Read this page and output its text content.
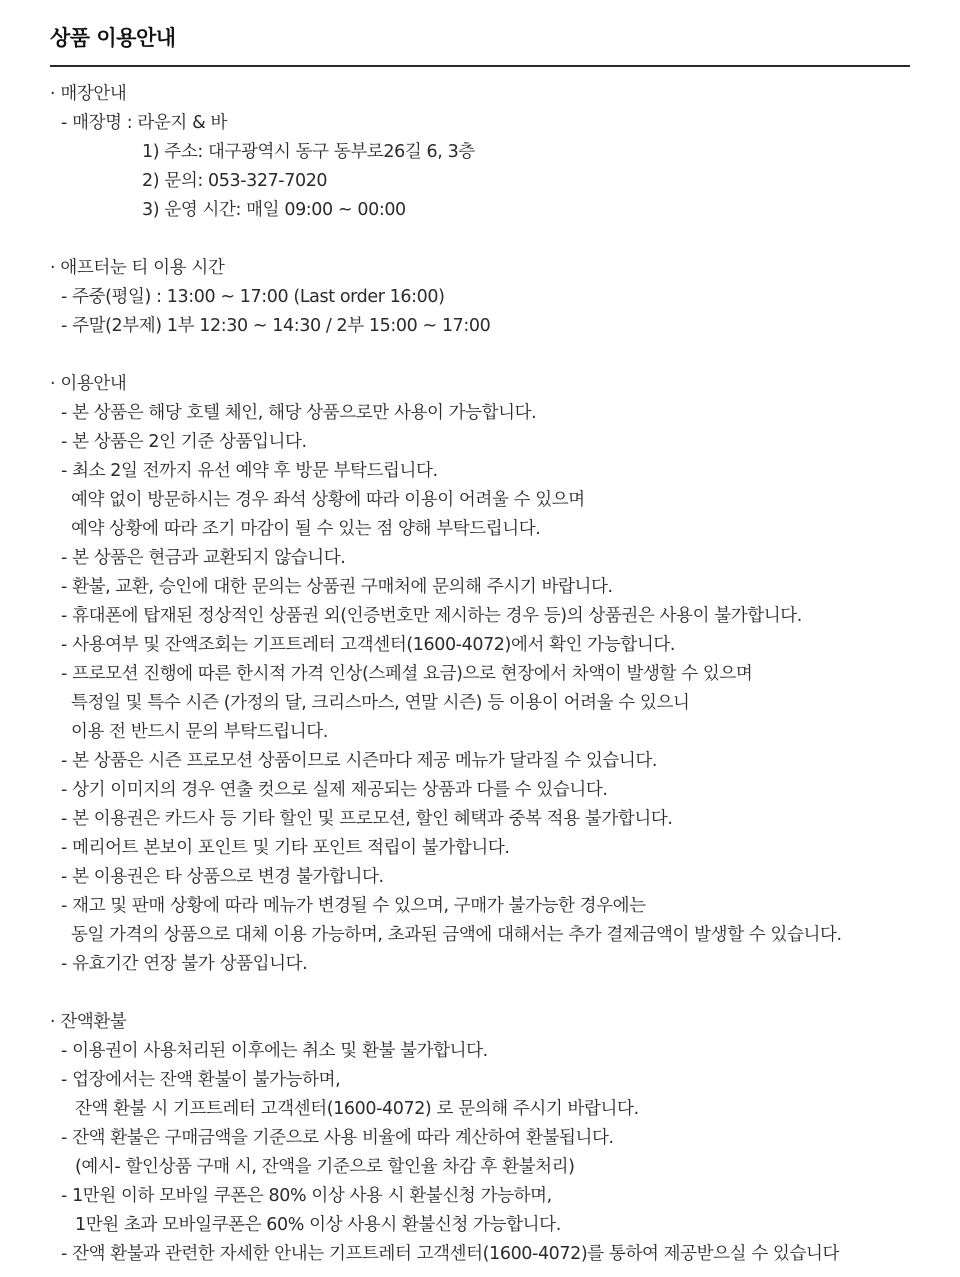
상품 이용안내
· 매장안내
- 매장명 : 라운지 & 바
1) 주소: 대구광역시 동구 동부로26길 6, 3층
2) 문의: 053-327-7020
3) 운영 시간: 매일 09:00 ~ 00:00
· 애프터눈 티 이용 시간
- 주중(평일) : 13:00 ~ 17:00 (Last order 16:00)
- 주말(2부제) 1부 12:30 ~ 14:30 / 2부 15:00 ~ 17:00
· 이용안내
- 본 상품은 해당 호텔 체인, 해당 상품으로만 사용이 가능합니다.
- 본 상품은 2인 기준 상품입니다.
- 최소 2일 전까지 유선 예약 후 방문 부탁드립니다.
예약 없이 방문하시는 경우 좌석 상황에 따라 이용이 어려울 수 있으며
예약 상황에 따라 조기 마감이 될 수 있는 점 양해 부탁드립니다.
- 본 상품은 현금과 교환되지 않습니다.
- 환불, 교환, 승인에 대한 문의는 상품권 구매처에 문의해 주시기 바랍니다.
- 휴대폰에 탑재된 정상적인 상품권 외(인증번호만 제시하는 경우 등)의 상품권은 사용이 불가합니다.
- 사용여부 및 잔액조회는 기프트레터 고객센터(1600-4072)에서 확인 가능합니다.
- 프로모션 진행에 따른 한시적 가격 인상(스페셜 요금)으로 현장에서 차액이 발생할 수 있으며
특정일 및 특수 시즌 (가정의 달, 크리스마스, 연말 시즌) 등 이용이 어려울 수 있으니
이용 전 반드시 문의 부탁드립니다.
- 본 상품은 시즌 프로모션 상품이므로 시즌마다 제공 메뉴가 달라질 수 있습니다.
- 상기 이미지의 경우 연출 컷으로 실제 제공되는 상품과 다를 수 있습니다.
- 본 이용권은 카드사 등 기타 할인 및 프로모션, 할인 혜택과 중복 적용 불가합니다.
- 메리어트 본보이 포인트 및 기타 포인트 적립이 불가합니다.
- 본 이용권은 타 상품으로 변경 불가합니다.
- 재고 및 판매 상황에 따라 메뉴가 변경될 수 있으며, 구매가 불가능한 경우에는
동일 가격의 상품으로 대체 이용 가능하며, 초과된 금액에 대해서는 추가 결제금액이 발생할 수 있습니다.
- 유효기간 연장 불가 상품입니다.
· 잔액환불
- 이용권이 사용처리된 이후에는 취소 및 환불 불가합니다.
- 업장에서는 잔액 환불이 불가능하며,
잔액 환불 시 기프트레터 고객센터(1600-4072) 로 문의해 주시기 바랍니다.
- 잔액 환불은 구매금액을 기준으로 사용 비율에 따라 계산하여 환불됩니다.
(예시- 할인상품 구매 시, 잔액을 기준으로 할인율 차감 후 환불처리)
- 1만원 이하 모바일 쿠폰은 80% 이상 사용 시 환불신청 가능하며,
1만원 초과 모바일쿠폰은 60% 이상 사용시 환불신청 가능합니다.
- 잔액 환불과 관련한 자세한 안내는 기프트레터 고객센터(1600-4072)를 통하여 제공받으실 수 있습니다
